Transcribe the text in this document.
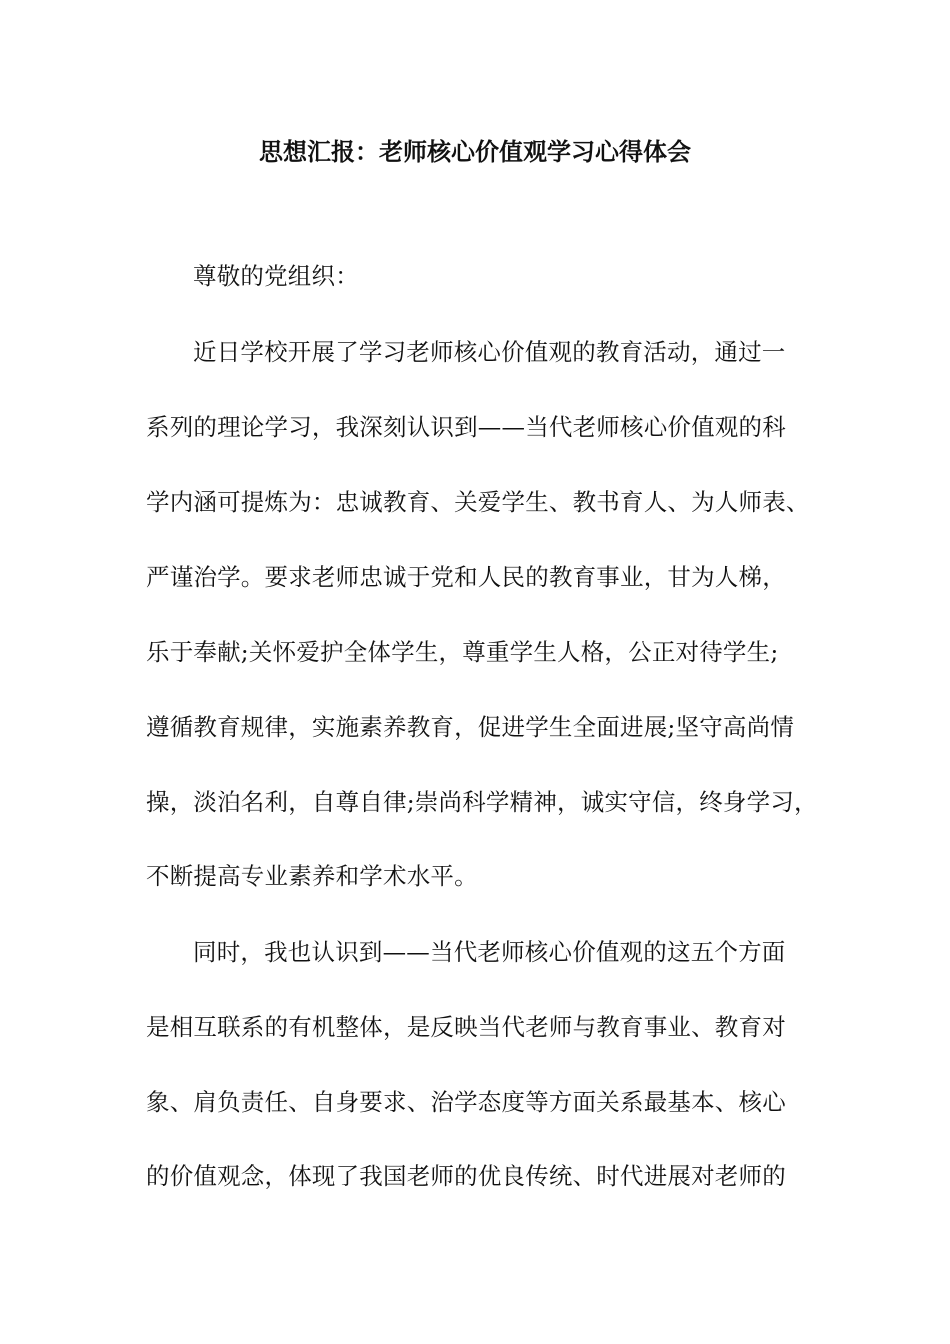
思想汇报：老师核心价值观学习心得体会
尊敬的党组织：
近日学校开展了学习老师核心价值观的教育活动，通过一
系列的理论学习，我深刻认识到——当代老师核心价值观的科
学内涵可提炼为：忠诚教育、关爱学生、教书育人、为人师表、
严谨治学。要求老师忠诚于党和人民的教育事业，甘为人梯，
乐于奉献;关怀爱护全体学生，尊重学生人格，公正对待学生;
遵循教育规律，实施素养教育，促进学生全面进展;坚守高尚情
操，淡泊名利，自尊自律;崇尚科学精神，诚实守信，终身学习，
不断提高专业素养和学术水平。
同时，我也认识到——当代老师核心价值观的这五个方面
是相互联系的有机整体，是反映当代老师与教育事业、教育对
象、肩负责任、自身要求、治学态度等方面关系最基本、核心
的价值观念，体现了我国老师的优良传统、时代进展对老师的
